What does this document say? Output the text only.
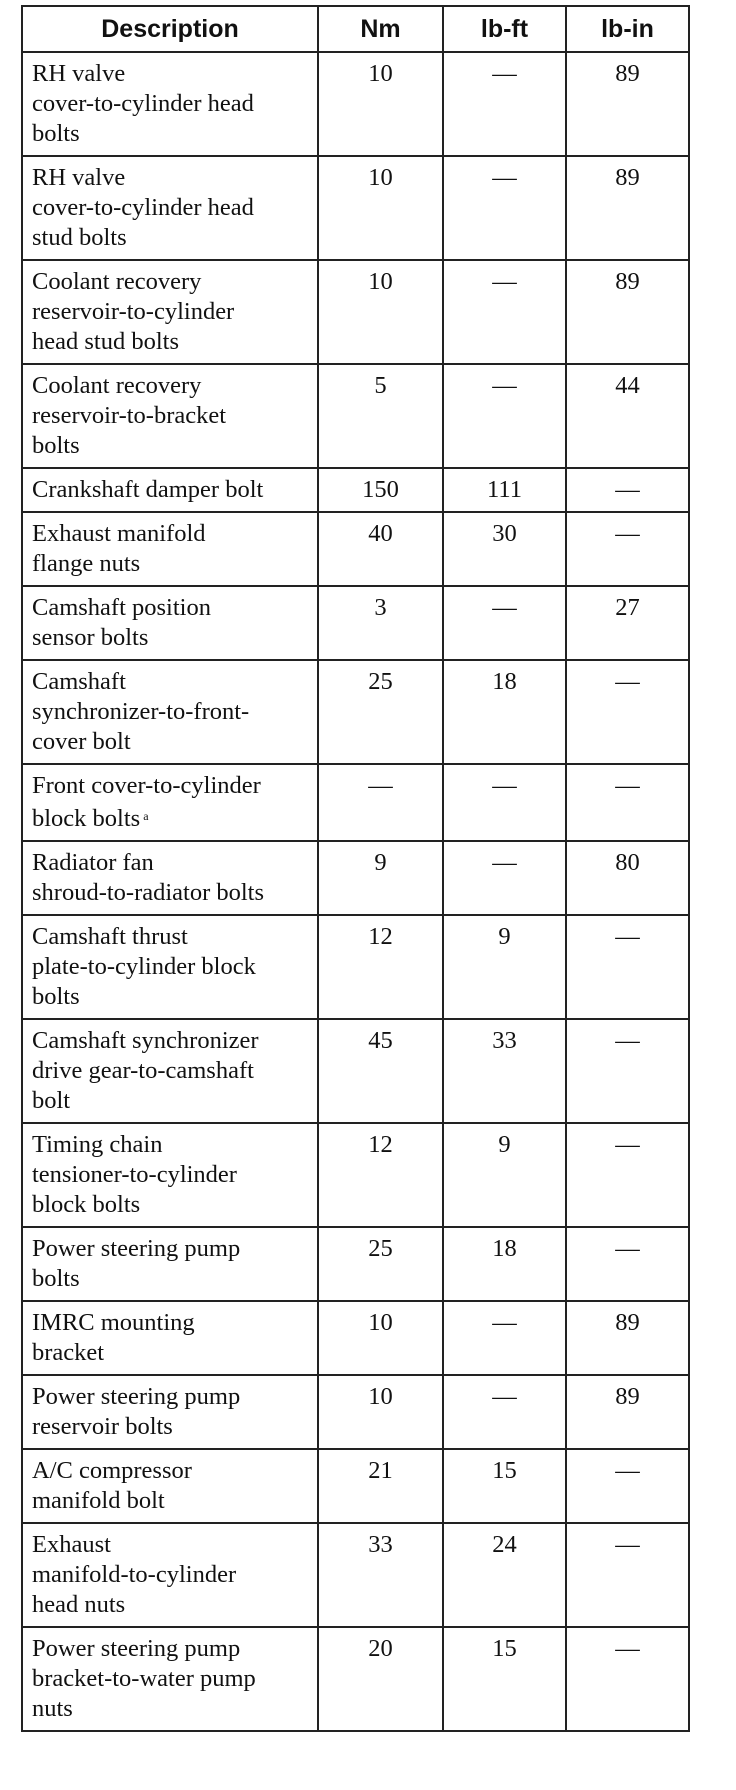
Description	Nm	lb-ft	lb-in

RH valve
cover-to-cylinder head
bolts	10	—	89

RH valve
cover-to-cylinder head
stud bolts	10	—	89

Coolant recovery
reservoir-to-cylinder
head stud bolts	10	—	89

Coolant recovery
reservoir-to-bracket
bolts	5	—	44

Crankshaft damper bolt	150	111	—

Exhaust manifold
flange nuts	40	30	—

Camshaft position
sensor bolts	3	—	27

Camshaft
synchronizer-to-front-
cover bolt	25	18	—

Front cover-to-cylinder
block bolts $^a$	—	—	—

Radiator fan
shroud-to-radiator bolts	9	—	80

Camshaft thrust
plate-to-cylinder block
bolts	12	9	—

Camshaft synchronizer
drive gear-to-camshaft
bolt	45	33	—

Timing chain
tensioner-to-cylinder
block bolts	12	9	—

Power steering pump
bolts	25	18	—

IMRC mounting
bracket	10	—	89

Power steering pump
reservoir bolts	10	—	89

A/C compressor
manifold bolt	21	15	—

Exhaust
manifold-to-cylinder
head nuts	33	24	—

Power steering pump
bracket-to-water pump
nuts	20	15	—
